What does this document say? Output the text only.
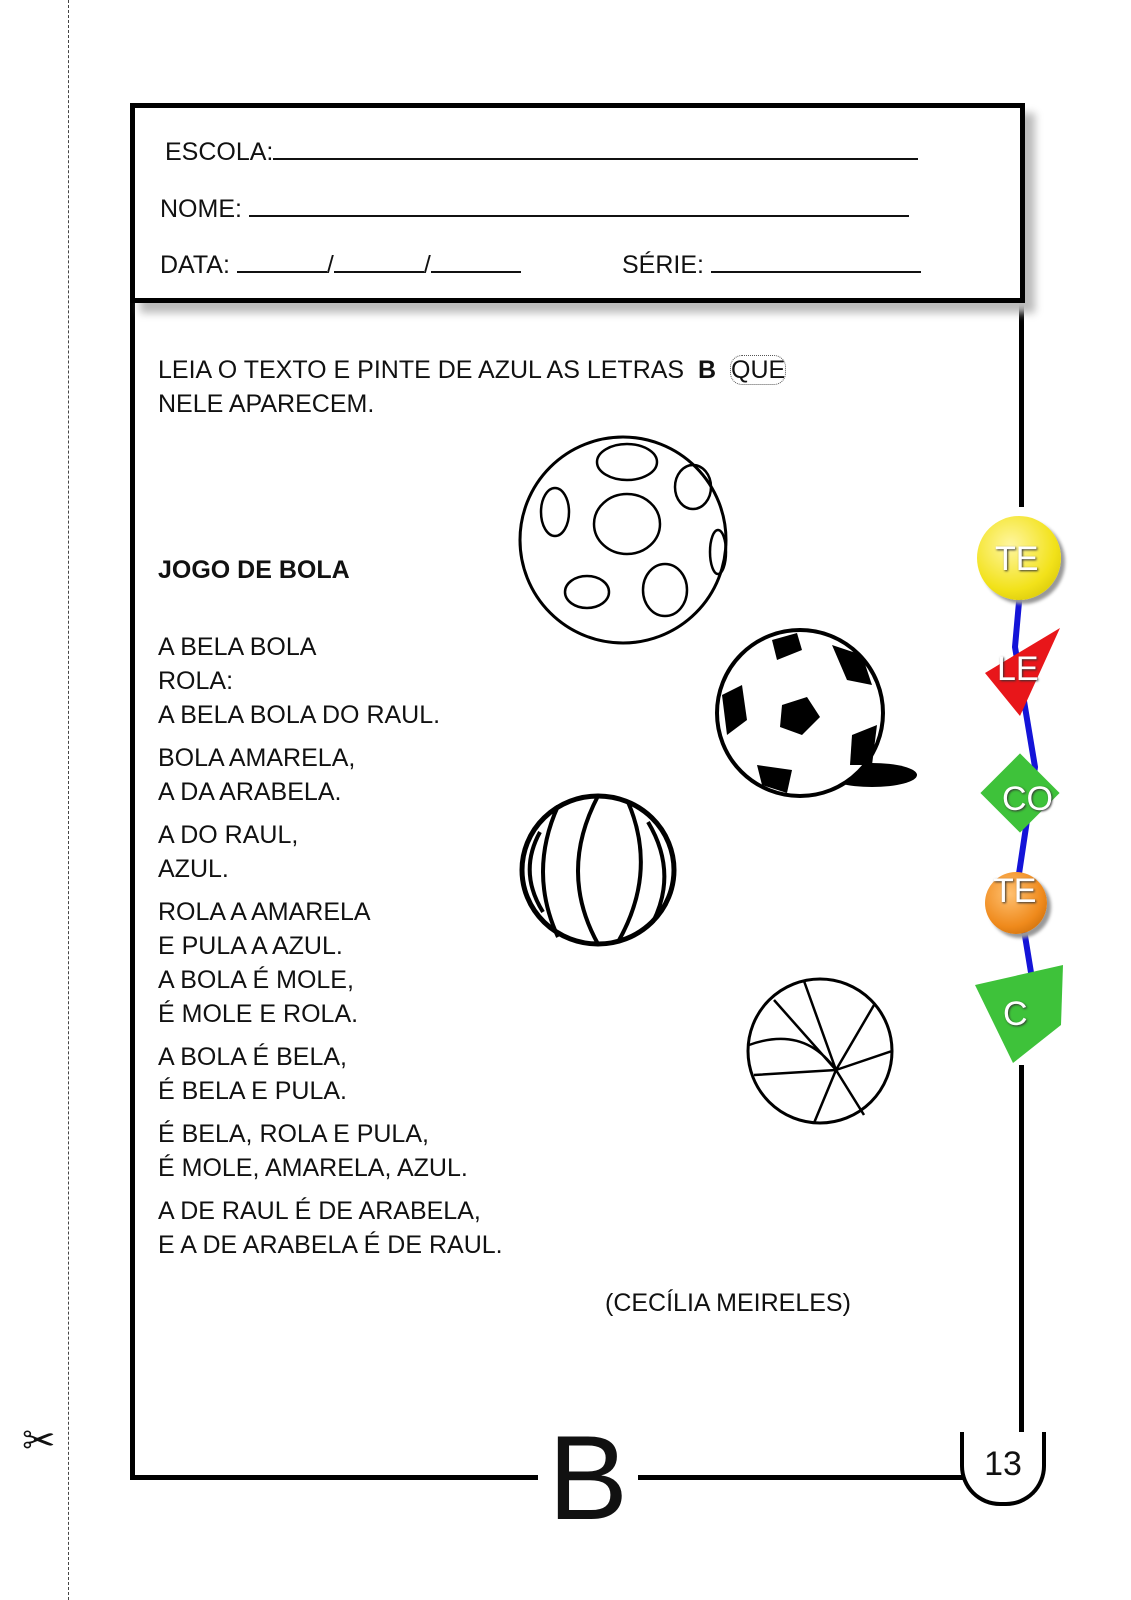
✂
ESCOLA:
NOME:
DATA:	/	/	SÉRIE:
LEIA O TEXTO E PINTE DE AZUL AS LETRAS B QUE
NELE APARECEM.
JOGO DE BOLA
A BELA BOLA
ROLA:
A BELA BOLA DO RAUL.
BOLA AMARELA,
A DA ARABELA.
A DO RAUL,
AZUL.
ROLA A AMARELA
E PULA A AZUL.
A BOLA É MOLE,
É MOLE E ROLA.
A BOLA É BELA,
É BELA E PULA.
É BELA, ROLA E PULA,
É MOLE, AMARELA, AZUL.
A DE RAUL É DE ARABELA,
E A DE ARABELA É DE RAUL.
(CECÍLIA MEIRELES)
TE
LE
CO
TE
C
B	13
